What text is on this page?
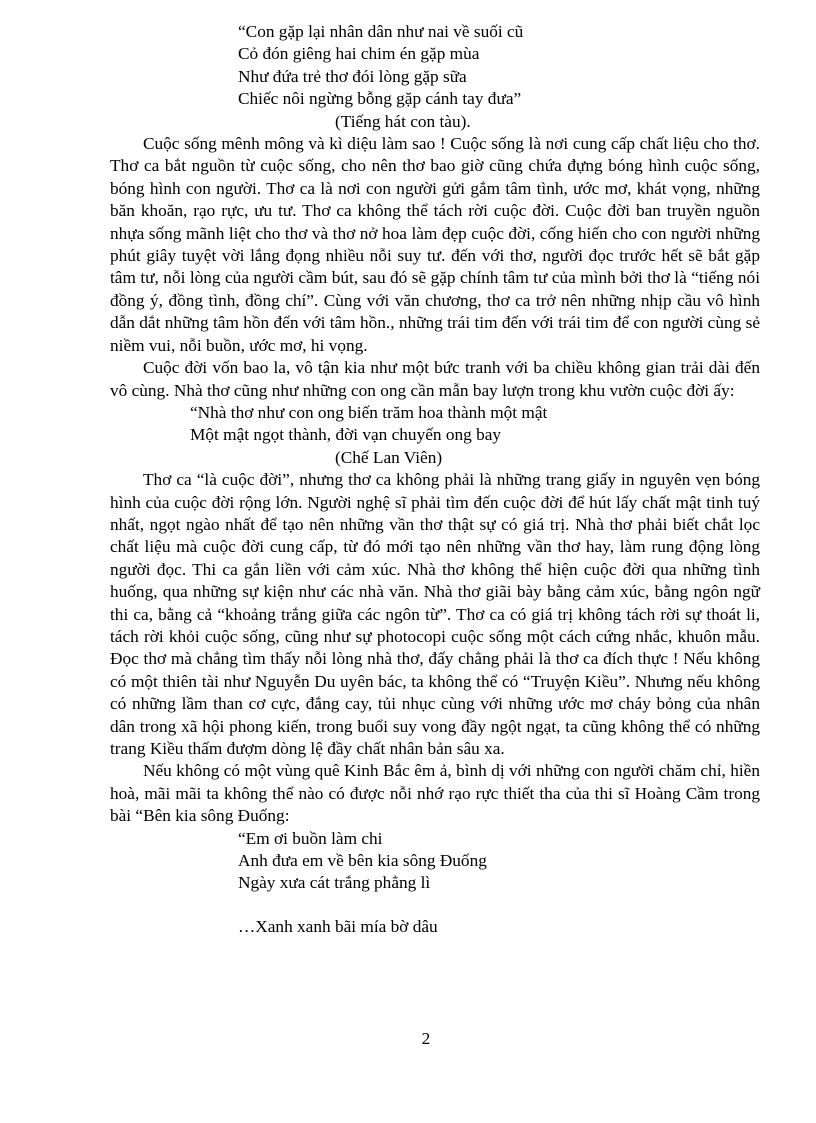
“Con gặp lại nhân dân như nai về suối cũ
Cỏ đón giêng hai chim én gặp mùa
Như đứa trẻ thơ đói lòng gặp sữa
Chiếc nôi ngừng bỗng gặp cánh tay đưa”

(Tiếng hát con tàu).

Cuộc sống mênh mông và kì diệu làm sao ! Cuộc sống là nơi cung cấp chất liệu cho thơ. Thơ ca bắt nguồn từ cuộc sống, cho nên thơ bao giờ cũng chứa đựng bóng hình cuộc sống, bóng hình con người. Thơ ca là nơi con người gửi gắm tâm tình, ước mơ, khát vọng, những băn khoăn, rạo rực, ưu tư. Thơ ca không thể tách rời cuộc đời. Cuộc đời ban truyền nguồn nhựa sống mãnh liệt cho thơ và thơ nở hoa làm đẹp cuộc đời, cống hiến cho con người những phút giây tuyệt vời lắng đọng nhiều nỗi suy tư. đến với thơ, người đọc trước hết sẽ bắt gặp tâm tư, nỗi lòng của người cầm bút, sau đó sẽ gặp chính tâm tư của mình bởi thơ là “tiếng nói đồng ý, đồng tình, đồng chí”. Cùng với văn chương, thơ ca trở nên những nhịp cầu vô hình dẫn dắt những tâm hồn đến với tâm hồn., những trái tim đến với trái tim để con người cùng sẻ niềm vui, nỗi buồn, ước mơ, hi vọng.

Cuộc đời vốn bao la, vô tận kia như một bức tranh với ba chiều không gian trải dài đến vô cùng. Nhà thơ cũng như những con ong cần mẫn bay lượn trong khu vườn cuộc đời ấy:

“Nhà thơ như con ong biến trăm hoa thành một mật
Một mật ngọt thành, đời vạn chuyến ong bay

(Chế Lan Viên)

Thơ ca “là cuộc đời”, nhưng thơ ca không phải là những trang giấy in nguyên vẹn bóng hình của cuộc đời rộng lớn. Người nghệ sĩ phải tìm đến cuộc đời để hút lấy chất mật tinh tuý nhất, ngọt ngào nhất để tạo nên những vần thơ thật sự có giá trị. Nhà thơ phải biết chắt lọc chất liệu mà cuộc đời cung cấp, từ đó mới tạo nên những vần thơ hay, làm rung động lòng người đọc. Thi ca gắn liền với cảm xúc. Nhà thơ không thể hiện cuộc đời qua những tình huống, qua những sự kiện như các nhà văn. Nhà thơ giãi bày bằng cảm xúc, bằng ngôn ngữ thi ca, bằng cả “khoảng trắng giữa các ngôn từ”. Thơ ca có giá trị không tách rời sự thoát li, tách rời khỏi cuộc sống, cũng như sự photocopi cuộc sống một cách cứng nhắc, khuôn mẫu. Đọc thơ mà chẳng tìm thấy nỗi lòng nhà thơ, đấy chẳng phải là thơ ca đích thực ! Nếu không có một thiên tài như Nguyễn Du uyên bác, ta không thể có “Truyện Kiều”. Nhưng nếu không có những lầm than cơ cực, đắng cay, tủi nhục cùng với những ước mơ cháy bỏng của nhân dân trong xã hội phong kiến, trong buổi suy vong đầy ngột ngạt, ta cũng không thể có những trang Kiều thấm đượm dòng lệ đầy chất nhân bản sâu xa.

Nếu không có một vùng quê Kinh Bắc êm ả, bình dị với những con người chăm chỉ, hiền hoà, mãi mãi ta không thể nào có được nỗi nhớ rạo rực thiết tha của thi sĩ Hoàng Cầm trong bài “Bên kia sông Đuống:

“Em ơi buồn làm chi
Anh đưa em về bên kia sông Đuống
Ngày xưa cát trắng phẳng lì
…Xanh xanh bãi mía bờ dâu
2
